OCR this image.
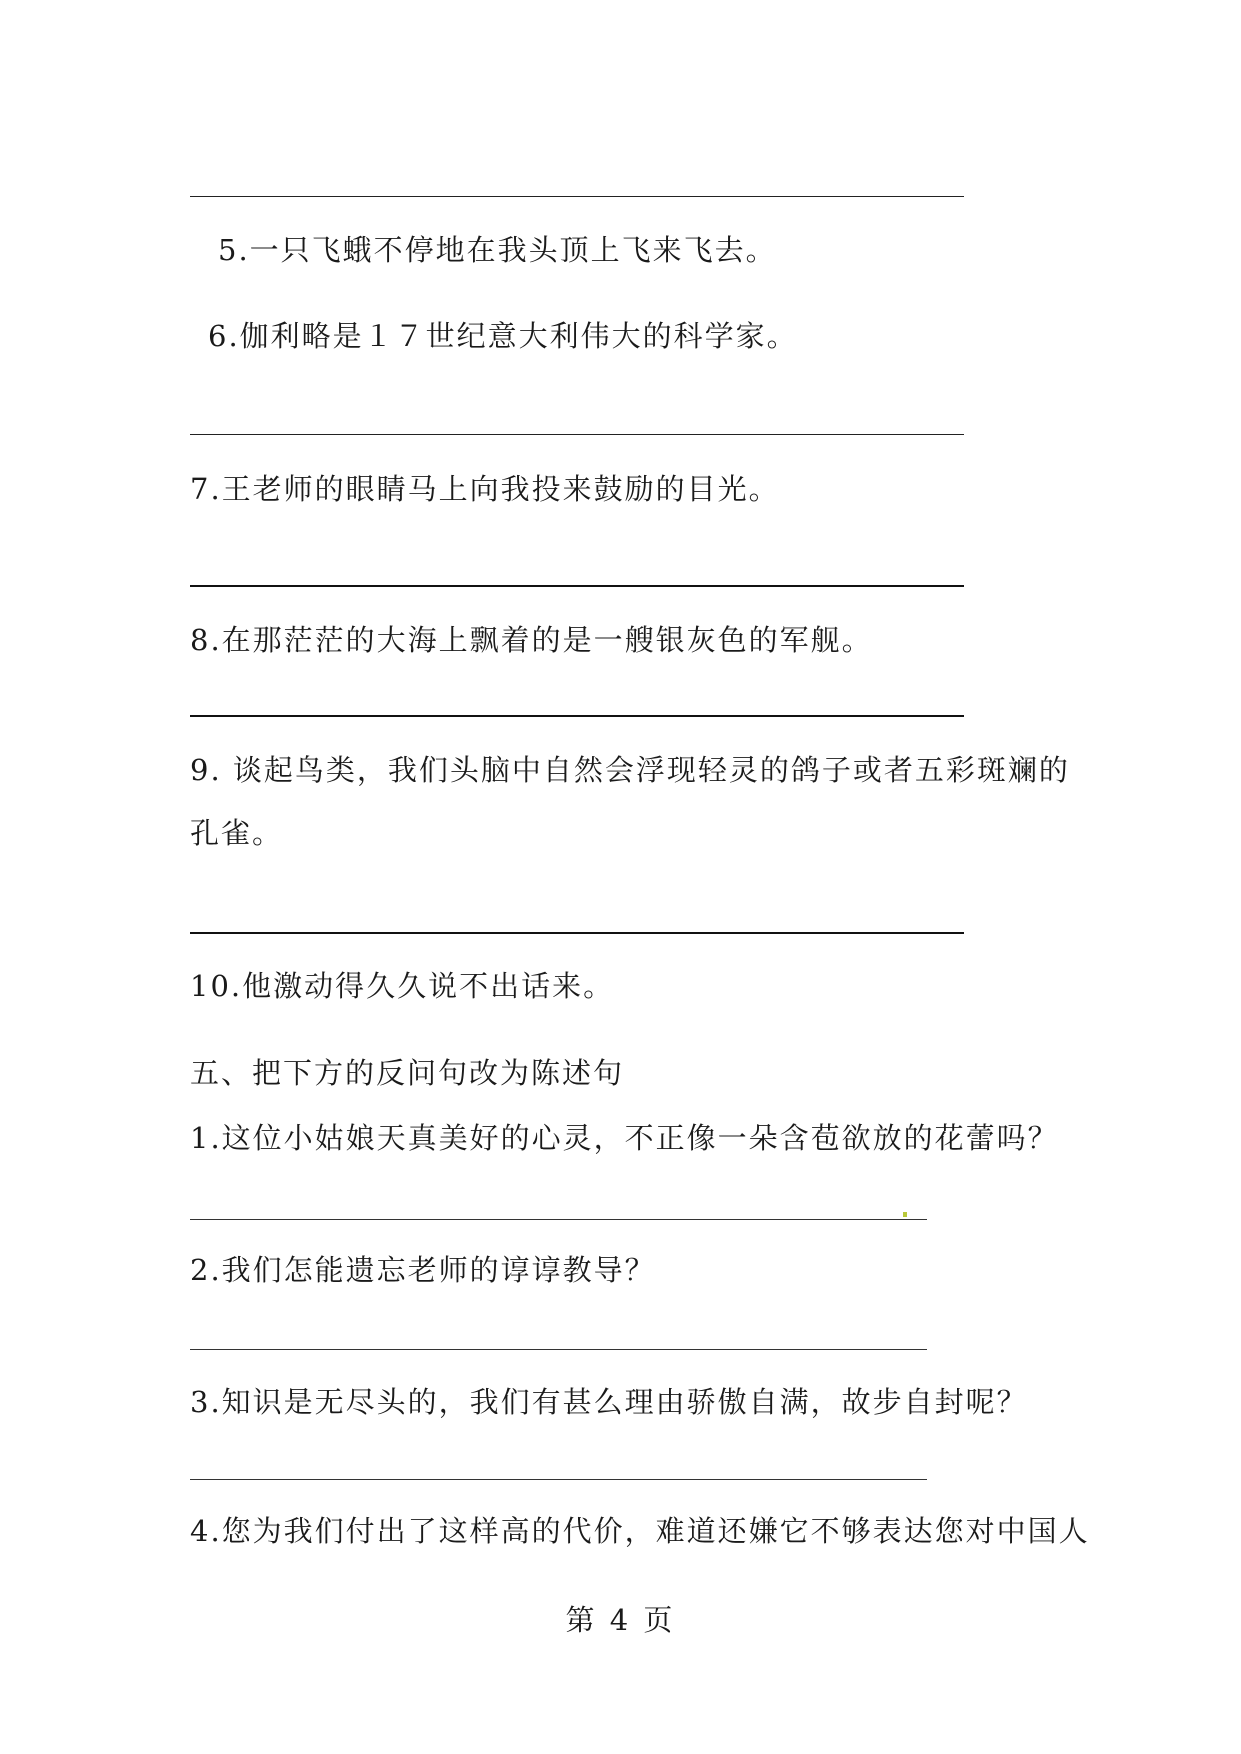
5.一只飞蛾不停地在我头顶上飞来飞去。
6.伽利略是１７世纪意大利伟大的科学家。
7.王老师的眼睛马上向我投来鼓励的目光。
8.在那茫茫的大海上飘着的是一艘银灰色的军舰。
9. 谈起鸟类，我们头脑中自然会浮现轻灵的鸽子或者五彩斑斓的
孔雀。
10.他激动得久久说不出话来。
五、把下方的反问句改为陈述句
1.这位小姑娘天真美好的心灵，不正像一朵含苞欲放的花蕾吗？
2.我们怎能遗忘老师的谆谆教导？
3.知识是无尽头的，我们有甚么理由骄傲自满，故步自封呢？
4.您为我们付出了这样高的代价，难道还嫌它不够表达您对中国人
第 4 页
